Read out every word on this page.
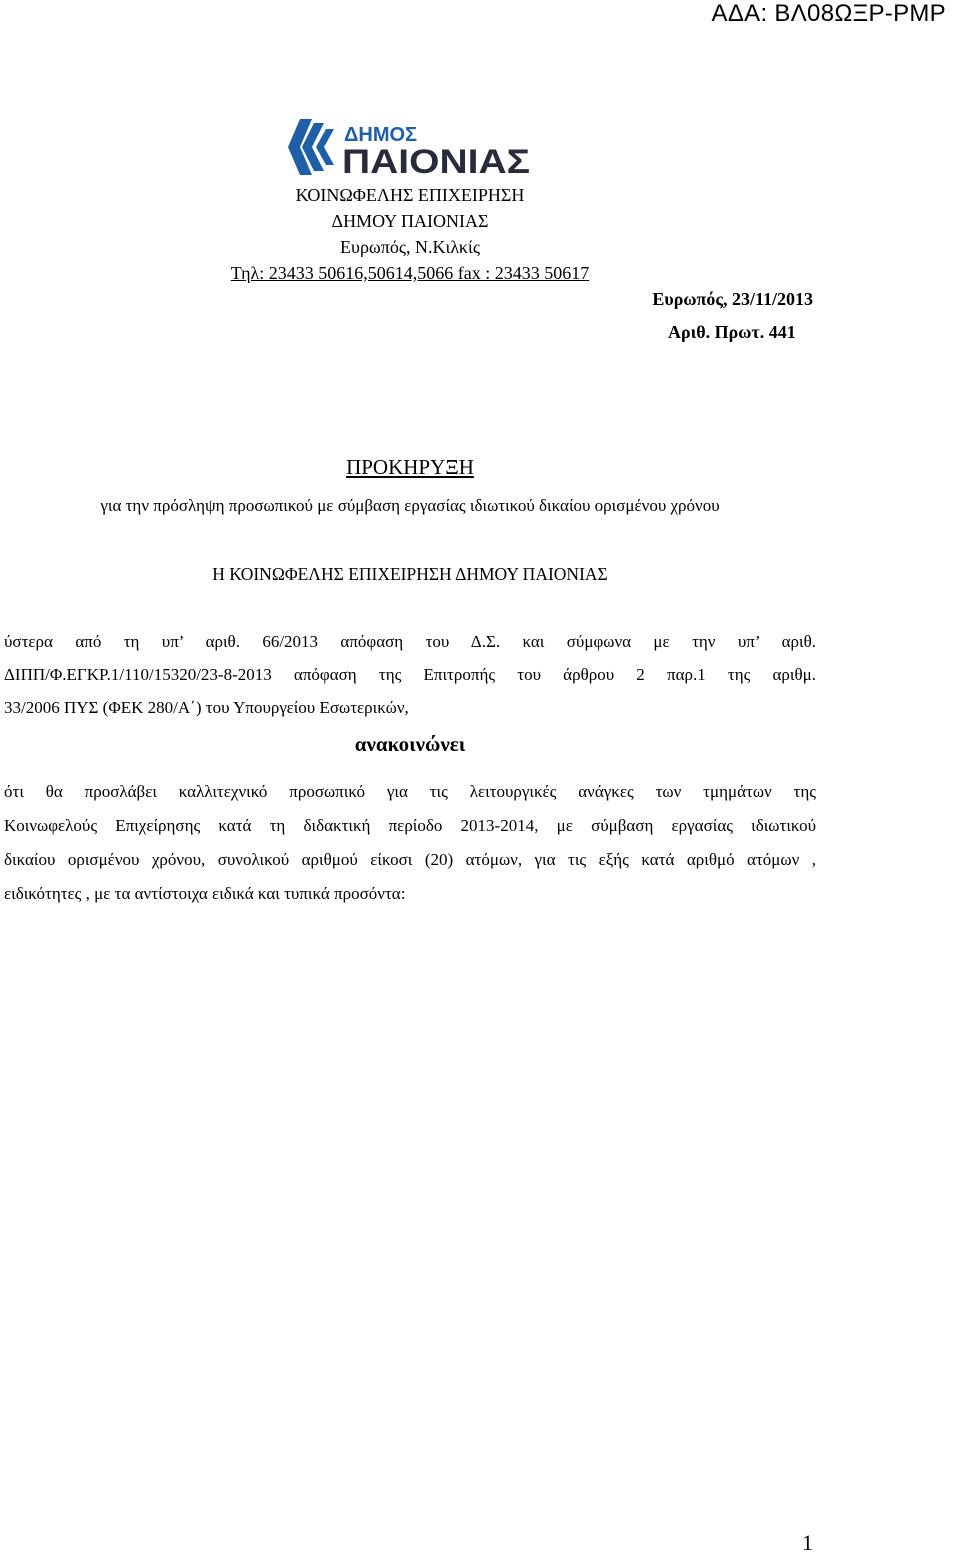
ΑΔΑ: ΒΛ08ΩΞΡ-ΡΜΡ
ΔΗΜΟΣ
ΠΑΙΟΝΙΑΣ
ΚΟΙΝΩΦΕΛΗΣ ΕΠΙΧΕΙΡΗΣΗ
ΔΗΜΟΥ ΠΑΙΟΝΙΑΣ
Ευρωπός, Ν.Κιλκίς
Τηλ: 23433 50616,50614,5066 fax : 23433 50617
Ευρωπός, 23/11/2013
Αριθ. Πρωτ. 441
ΠΡΟΚΗΡΥΞΗ
για την πρόσληψη προσωπικού με σύμβαση εργασίας ιδιωτικού δικαίου ορισμένου χρόνου
Η ΚΟΙΝΩΦΕΛΗΣ ΕΠΙΧΕΙΡΗΣΗ ΔΗΜΟΥ ΠΑΙΟΝΙΑΣ
ύστερα από τη υπ’ αριθ. 66/2013 απόφαση του Δ.Σ. και σύμφωνα με την υπ’ αριθ.
ΔΙΠΠ/Φ.ΕΓΚΡ.1/110/15320/23-8-2013 απόφαση της Επιτροπής του άρθρου 2 παρ.1 της αριθμ.
33/2006 ΠΥΣ (ΦΕΚ 280/Α΄) του Υπουργείου Εσωτερικών,
ανακοινώνει
ότι θα προσλάβει καλλιτεχνικό προσωπικό για τις λειτουργικές ανάγκες των τμημάτων της
Κοινωφελούς Επιχείρησης κατά τη διδακτική περίοδο 2013-2014, με σύμβαση εργασίας ιδιωτικού
δικαίου ορισμένου χρόνου, συνολικού αριθμού είκοσι (20) ατόμων, για τις εξής κατά αριθμό ατόμων ,
ειδικότητες , με τα αντίστοιχα ειδικά και τυπικά προσόντα:
1
